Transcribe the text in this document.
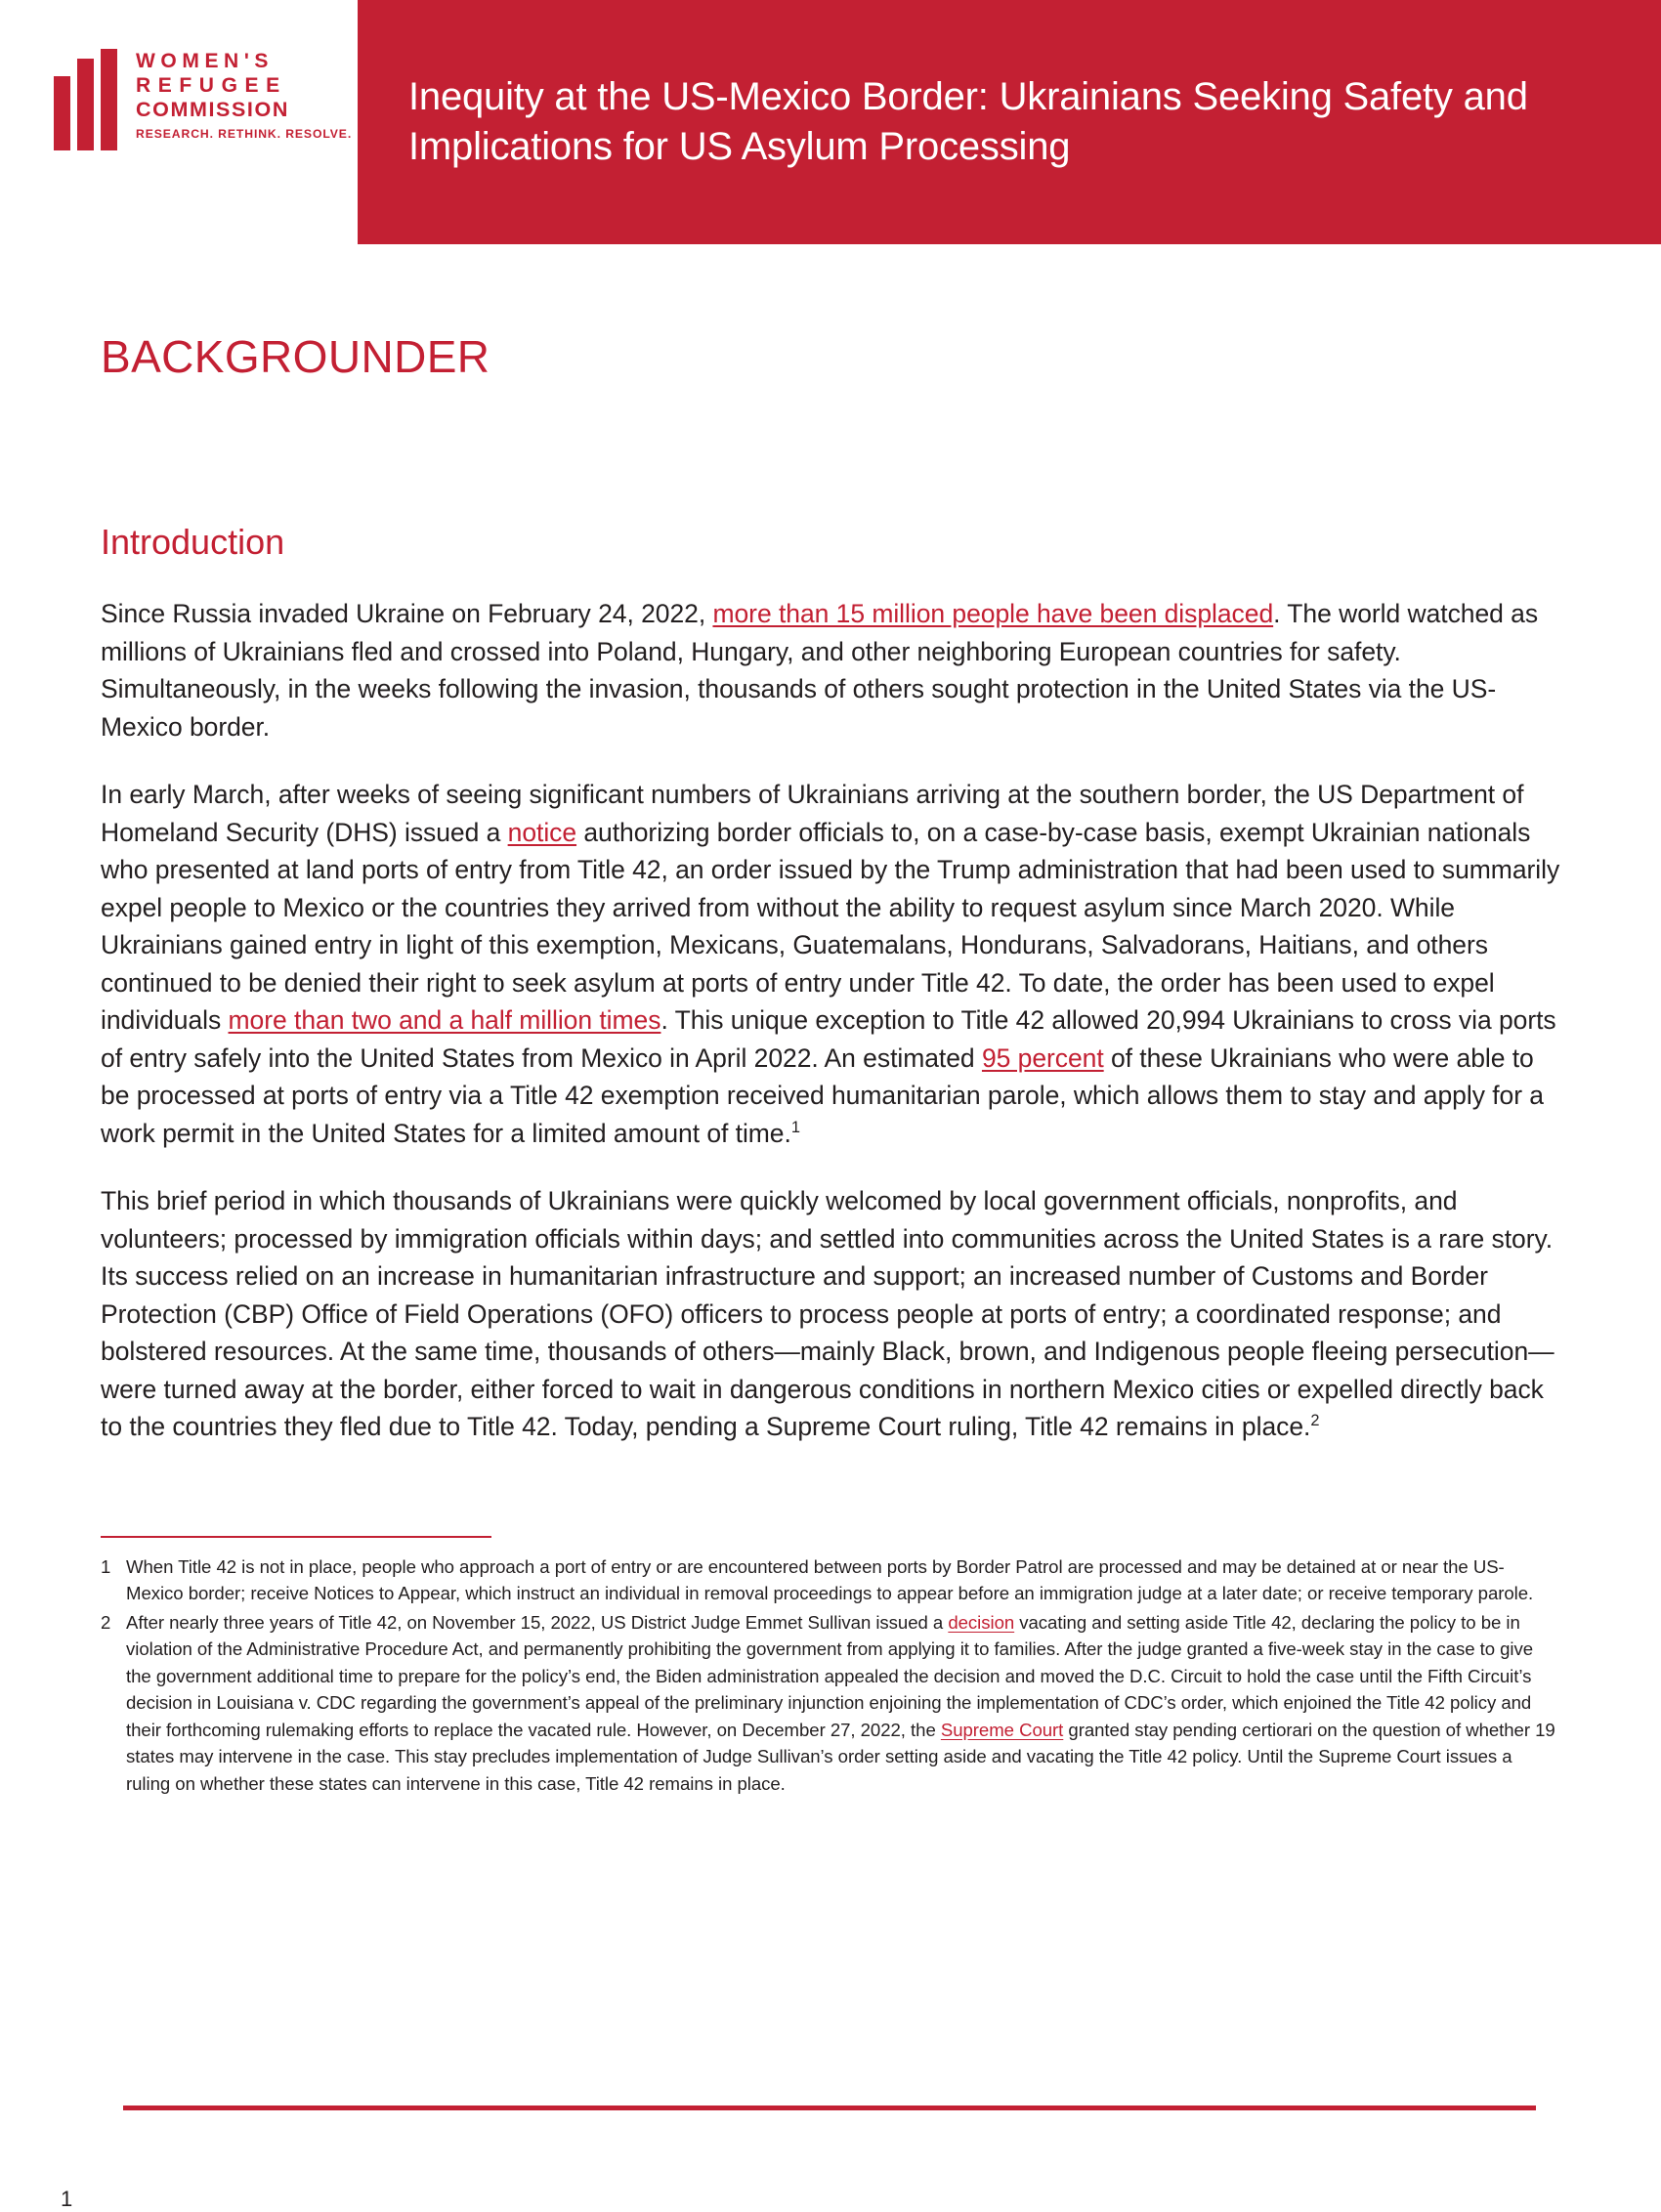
WOMEN'S
REFUGEE
COMMISSION
RESEARCH. RETHINK. RESOLVE.
Inequity at the US-Mexico Border: Ukrainians Seeking Safety and Implications for US Asylum Processing
BACKGROUNDER
Introduction

Since Russia invaded Ukraine on February 24, 2022, more than 15 million people have been displaced. The world watched as millions of Ukrainians fled and crossed into Poland, Hungary, and other neighboring European countries for safety. Simultaneously, in the weeks following the invasion, thousands of others sought protection in the United States via the US-Mexico border.

In early March, after weeks of seeing significant numbers of Ukrainians arriving at the southern border, the US Department of Homeland Security (DHS) issued a notice authorizing border officials to, on a case-by-case basis, exempt Ukrainian nationals who presented at land ports of entry from Title 42, an order issued by the Trump administration that had been used to summarily expel people to Mexico or the countries they arrived from without the ability to request asylum since March 2020. While Ukrainians gained entry in light of this exemption, Mexicans, Guatemalans, Hondurans, Salvadorans, Haitians, and others continued to be denied their right to seek asylum at ports of entry under Title 42. To date, the order has been used to expel individuals more than two and a half million times. This unique exception to Title 42 allowed 20,994 Ukrainians to cross via ports of entry safely into the United States from Mexico in April 2022. An estimated 95 percent of these Ukrainians who were able to be processed at ports of entry via a Title 42 exemption received humanitarian parole, which allows them to stay and apply for a work permit in the United States for a limited amount of time.$^1$

This brief period in which thousands of Ukrainians were quickly welcomed by local government officials, nonprofits, and volunteers; processed by immigration officials within days; and settled into communities across the United States is a rare story. Its success relied on an increase in humanitarian infrastructure and support; an increased number of Customs and Border Protection (CBP) Office of Field Operations (OFO) officers to process people at ports of entry; a coordinated response; and bolstered resources. At the same time, thousands of others—mainly Black, brown, and Indigenous people fleeing persecution—were turned away at the border, either forced to wait in dangerous conditions in northern Mexico cities or expelled directly back to the countries they fled due to Title 42. Today, pending a Supreme Court ruling, Title 42 remains in place.$^2$

1 When Title 42 is not in place, people who approach a port of entry or are encountered between ports by Border Patrol are processed and may be detained at or near the US-Mexico border; receive Notices to Appear, which instruct an individual in removal proceedings to appear before an immigration judge at a later date; or receive temporary parole.
2 After nearly three years of Title 42, on November 15, 2022, US District Judge Emmet Sullivan issued a decision vacating and setting aside Title 42, declaring the policy to be in violation of the Administrative Procedure Act, and permanently prohibiting the government from applying it to families. After the judge granted a five-week stay in the case to give the government additional time to prepare for the policy’s end, the Biden administration appealed the decision and moved the D.C. Circuit to hold the case until the Fifth Circuit’s decision in Louisiana v. CDC regarding the government’s appeal of the preliminary injunction enjoining the implementation of CDC’s order, which enjoined the Title 42 policy and their forthcoming rulemaking efforts to replace the vacated rule. However, on December 27, 2022, the Supreme Court granted stay pending certiorari on the question of whether 19 states may intervene in the case. This stay precludes implementation of Judge Sullivan’s order setting aside and vacating the Title 42 policy. Until the Supreme Court issues a ruling on whether these states can intervene in this case, Title 42 remains in place.
1
